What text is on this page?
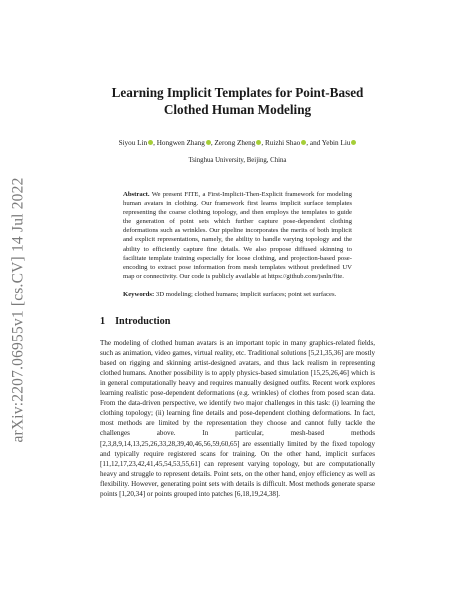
arXiv:2207.06955v1 [cs.CV] 14 Jul 2022
Learning Implicit Templates for Point-Based Clothed Human Modeling
Siyou Lin , Hongwen Zhang , Zerong Zheng , Ruizhi Shao , and Yebin Liu
Tsinghua University, Beijing, China
Abstract. We present FITE, a First-Implicit-Then-Explicit framework for modeling human avatars in clothing. Our framework first learns implicit surface templates representing the coarse clothing topology, and then employs the templates to guide the generation of point sets which further capture pose-dependent clothing deformations such as wrinkles. Our pipeline incorporates the merits of both implicit and explicit representations, namely, the ability to handle varying topology and the ability to efficiently capture fine details. We also propose diffused skinning to facilitate template training especially for loose clothing, and projection-based pose-encoding to extract pose information from mesh templates without predefined UV map or connectivity. Our code is publicly available at https://github.com/jsnln/fite.
Keywords: 3D modeling; clothed humans; implicit surfaces; point set surfaces.
1 Introduction
The modeling of clothed human avatars is an important topic in many graphics-related fields, such as animation, video games, virtual reality, etc. Traditional solutions [5,21,35,36] are mostly based on rigging and skinning artist-designed avatars, and thus lack realism in representing clothed humans. Another possibility is to apply physics-based simulation [15,25,26,46] which is in general computationally heavy and requires manually designed outfits. Recent work explores learning realistic pose-dependent deformations (e.g. wrinkles) of clothes from posed scan data. From the data-driven perspective, we identify two major challenges in this task: (i) learning the clothing topology; (ii) learning fine details and pose-dependent clothing deformations. In fact, most methods are limited by the representation they choose and cannot fully tackle the challenges above. In particular, mesh-based methods [2,3,8,9,14,13,25,26,33,28,39,40,46,56,59,60,65] are essentially limited by the fixed topology and typically require registered scans for training. On the other hand, implicit surfaces [11,12,17,23,42,41,45,54,53,55,61] can represent varying topology, but are computationally heavy and struggle to represent details. Point sets, on the other hand, enjoy efficiency as well as flexibility. However, generating point sets with details is difficult. Most methods generate sparse points [1,20,34] or points grouped into patches [6,18,19,24,38].
